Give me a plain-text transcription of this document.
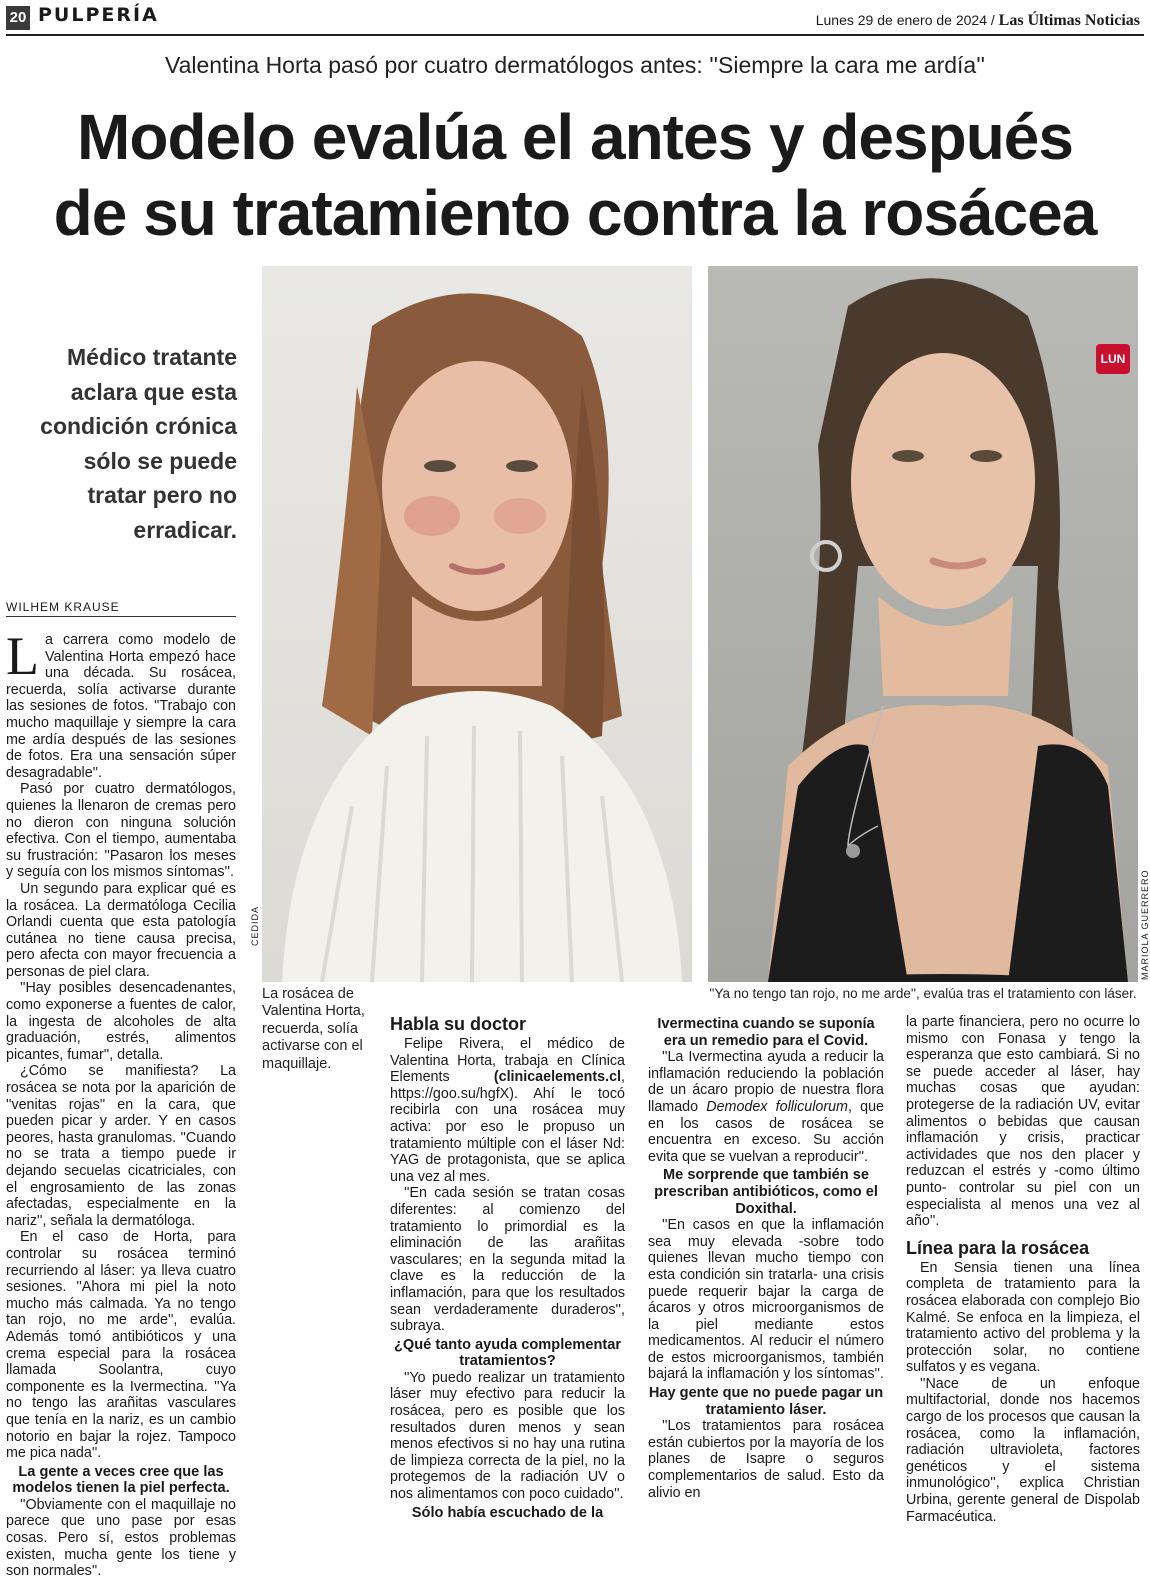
20 PULPERÍA	Lunes 29 de enero de 2024 / Las Últimas Noticias
Valentina Horta pasó por cuatro dermatólogos antes: ''Siempre la cara me ardía''
Modelo evalúa el antes y después
de su tratamiento contra la rosácea
Médico tratante aclara que esta condición crónica sólo se puede tratar pero no erradicar.
CEDIDA
LUN
MARIOLA GUERRERO
La rosácea de Valentina Horta, recuerda, solía activarse con el maquillaje.
''Ya no tengo tan rojo, no me arde'', evalúa tras el tratamiento con láser.
WILHEM KRAUSE

La carrera como modelo de Valentina Horta empezó hace una década. Su rosácea, recuerda, solía activarse durante las sesiones de fotos. ''Trabajo con mucho maquillaje y siempre la cara me ardía después de las sesiones de fotos. Era una sensación súper desagradable''.

Pasó por cuatro dermatólogos, quienes la llenaron de cremas pero no dieron con ninguna solución efectiva. Con el tiempo, aumentaba su frustración: ''Pasaron los meses y seguía con los mismos síntomas''.

Un segundo para explicar qué es la rosácea. La dermatóloga Cecilia Orlandi cuenta que esta patología cutánea no tiene causa precisa, pero afecta con mayor frecuencia a personas de piel clara.

''Hay posibles desencadenantes, como exponerse a fuentes de calor, la ingesta de alcoholes de alta graduación, estrés, alimentos picantes, fumar'', detalla.

¿Cómo se manifiesta? La rosácea se nota por la aparición de ''venitas rojas'' en la cara, que pueden picar y arder. Y en casos peores, hasta granulomas. ''Cuando no se trata a tiempo puede ir dejando secuelas cicatriciales, con el engrosamiento de las zonas afectadas, especialmente en la nariz'', señala la dermatóloga.

En el caso de Horta, para controlar su rosácea terminó recurriendo al láser: ya lleva cuatro sesiones. ''Ahora mi piel la noto mucho más calmada. Ya no tengo tan rojo, no me arde'', evalúa. Además tomó antibióticos y una crema especial para la rosácea llamada Soolantra, cuyo componente es la Ivermectina. ''Ya no tengo las arañitas vasculares que tenía en la nariz, es un cambio notorio en bajar la rojez. Tampoco me pica nada''.

La gente a veces cree que las modelos tienen la piel perfecta.

''Obviamente con el maquillaje no parece que uno pase por esas cosas. Pero sí, estos problemas existen, mucha gente los tiene y son normales''.

Habla su doctor

Felipe Rivera, el médico de Valentina Horta, trabaja en Clínica Elements (clinicaelements.cl, https://goo.su/hgfX). Ahí le tocó recibirla con una rosácea muy activa: por eso le propuso un tratamiento múltiple con el láser Nd: YAG de protagonista, que se aplica una vez al mes.

''En cada sesión se tratan cosas diferentes: al comienzo del tratamiento lo primordial es la eliminación de las arañitas vasculares; en la segunda mitad la clave es la reducción de la inflamación, para que los resultados sean verdaderamente duraderos'', subraya.

¿Qué tanto ayuda complementar tratamientos?

''Yo puedo realizar un tratamiento láser muy efectivo para reducir la rosácea, pero es posible que los resultados duren menos y sean menos efectivos si no hay una rutina de limpieza correcta de la piel, no la protegemos de la radiación UV o nos alimentamos con poco cuidado''.

Sólo había escuchado de la
Ivermectina cuando se suponía era un remedio para el Covid.

''La Ivermectina ayuda a reducir la inflamación reduciendo la población de un ácaro propio de nuestra flora llamado Demodex folliculorum, que en los casos de rosácea se encuentra en exceso. Su acción evita que se vuelvan a reproducir''.

Me sorprende que también se prescriban antibióticos, como el Doxithal.

''En casos en que la inflamación sea muy elevada -sobre todo quienes llevan mucho tiempo con esta condición sin tratarla- una crisis puede requerir bajar la carga de ácaros y otros microorganismos de la piel mediante estos medicamentos. Al reducir el número de estos microorganismos, también bajará la inflamación y los síntomas''.

Hay gente que no puede pagar un tratamiento láser.

''Los tratamientos para rosácea están cubiertos por la mayoría de los planes de Isapre o seguros complementarios de salud. Esto da alivio en

la parte financiera, pero no ocurre lo mismo con Fonasa y tengo la esperanza que esto cambiará. Si no se puede acceder al láser, hay muchas cosas que ayudan: protegerse de la radiación UV, evitar alimentos o bebidas que causan inflamación y crisis, practicar actividades que nos den placer y reduzcan el estrés y -como último punto- controlar su piel con un especialista al menos una vez al año''.

Línea para la rosácea

En Sensia tienen una línea completa de tratamiento para la rosácea elaborada con complejo Bio Kalmé. Se enfoca en la limpieza, el tratamiento activo del problema y la protección solar, no contiene sulfatos y es vegana.

''Nace de un enfoque multifactorial, donde nos hacemos cargo de los procesos que causan la rosácea, como la inflamación, radiación ultravioleta, factores genéticos y el sistema inmunológico'', explica Christian Urbina, gerente general de Dispolab Farmacéutica.
